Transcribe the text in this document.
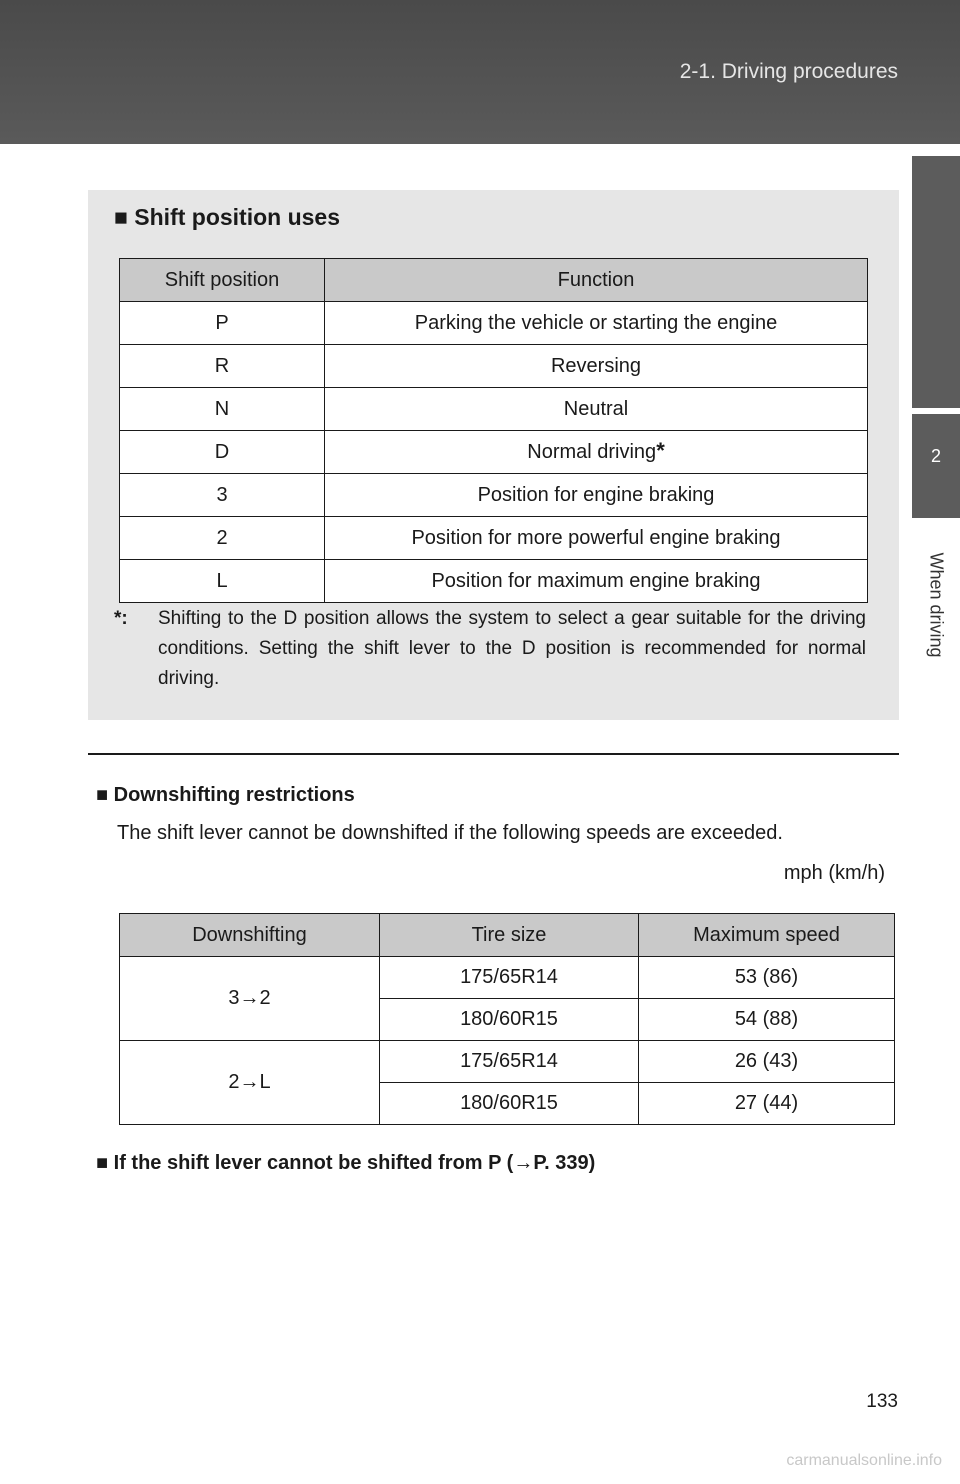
2-1. Driving procedures
2
When driving
■ Shift position uses
Shift position	Function
P	Parking the vehicle or starting the engine
R	Reversing
N	Neutral
D	Normal driving*
3	Position for engine braking
2	Position for more powerful engine braking
L	Position for maximum engine braking
*: Shifting to the D position allows the system to select a gear suitable for the driving conditions. Setting the shift lever to the D position is recommended for normal driving.
■ Downshifting restrictions
The shift lever cannot be downshifted if the following speeds are exceeded.
mph (km/h)
Downshifting	Tire size	Maximum speed
3→2	175/65R14	53 (86)
	180/60R15	54 (88)
2→L	175/65R14	26 (43)
	180/60R15	27 (44)
■ If the shift lever cannot be shifted from P (→P. 339)
133
carmanualsonline.info
